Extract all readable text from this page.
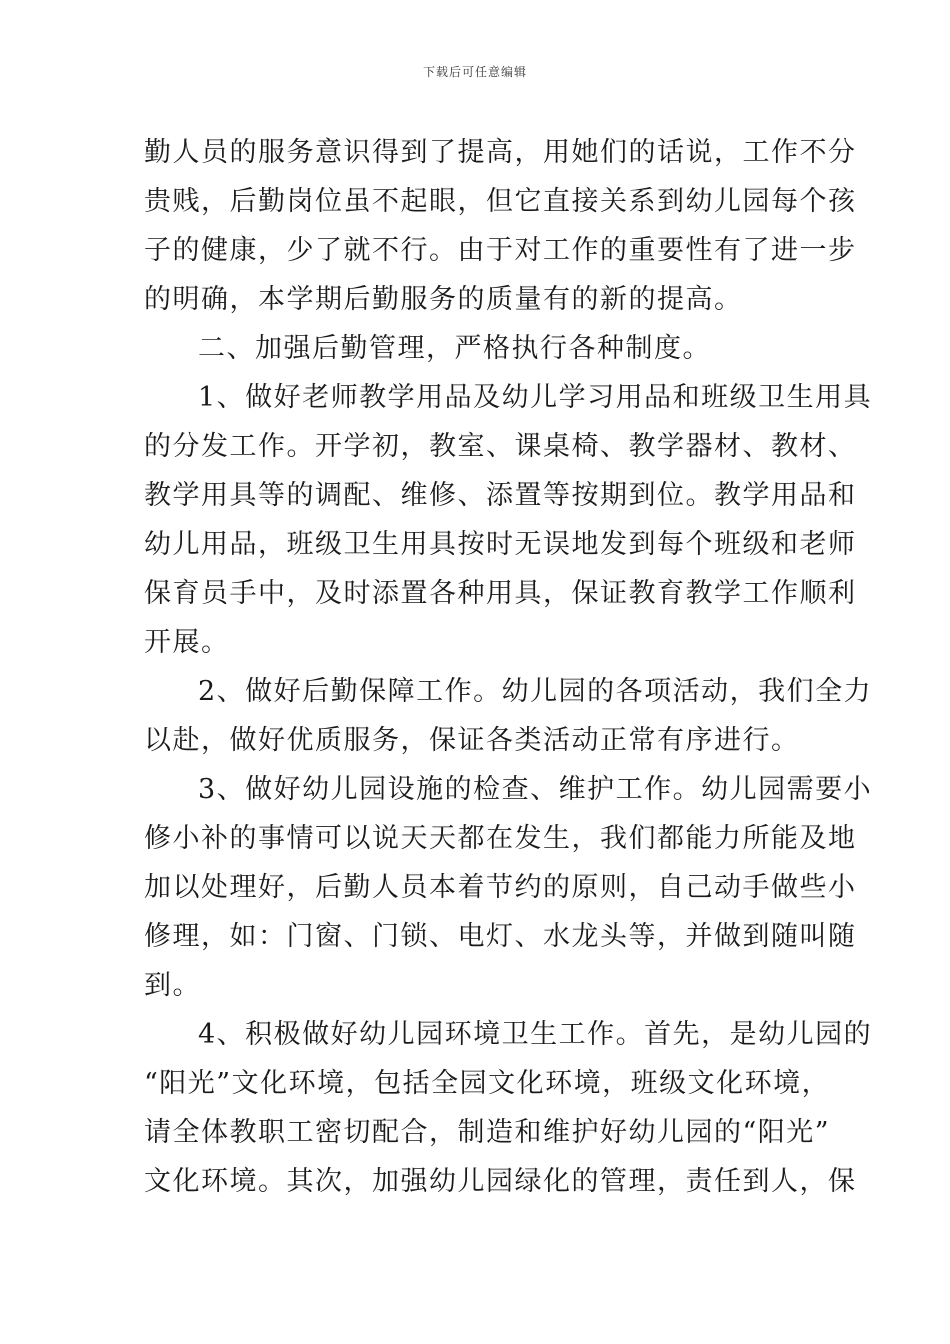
下载后可任意编辑

勤人员的服务意识得到了提高，用她们的话说，工作不分
贵贱，后勤岗位虽不起眼，但它直接关系到幼儿园每个孩
子的健康，少了就不行。由于对工作的重要性有了进一步
的明确，本学期后勤服务的质量有的新的提高。

二、加强后勤管理，严格执行各种制度。

1、做好老师教学用品及幼儿学习用品和班级卫生用具
的分发工作。开学初，教室、课桌椅、教学器材、教材、
教学用具等的调配、维修、添置等按期到位。教学用品和
幼儿用品，班级卫生用具按时无误地发到每个班级和老师
保育员手中，及时添置各种用具，保证教育教学工作顺利
开展。

2、做好后勤保障工作。幼儿园的各项活动，我们全力
以赴，做好优质服务，保证各类活动正常有序进行。

3、做好幼儿园设施的检查、维护工作。幼儿园需要小
修小补的事情可以说天天都在发生，我们都能力所能及地
加以处理好，后勤人员本着节约的原则，自己动手做些小
修理，如：门窗、门锁、电灯、水龙头等，并做到随叫随
到。

4、积极做好幼儿园环境卫生工作。首先，是幼儿园的
“阳光”文化环境，包括全园文化环境，班级文化环境，
请全体教职工密切配合，制造和维护好幼儿园的“阳光”
文化环境。其次，加强幼儿园绿化的管理，责任到人，保
